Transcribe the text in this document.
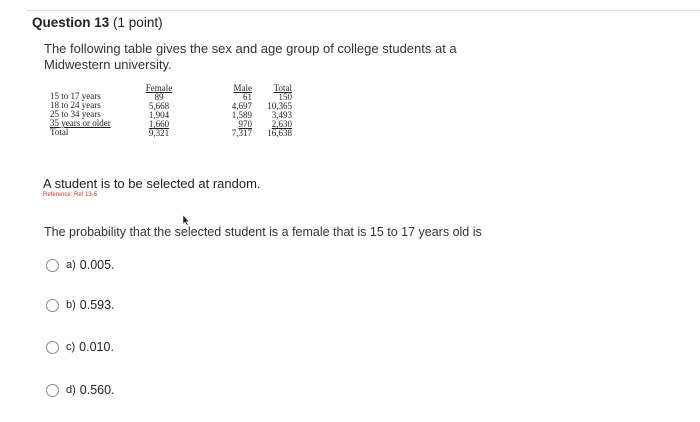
Question 13 (1 point)
The following table gives the sex and age group of college students at a Midwestern university.
15 to 17 years
18 to 24 years
25 to 34 years
35 years or older
Total
Female
89
5,668
1,904
1,660
9,321
Male
61
4,697
1,589
970
7,317
Total
150
10,365
3,493
2,630
16,638
A student is to be selected at random.
Reference: Ref 13-5
The probability that the selected student is a female that is 15 to 17 years old is
a) 0.005.
b) 0.593.
c) 0.010.
d) 0.560.
